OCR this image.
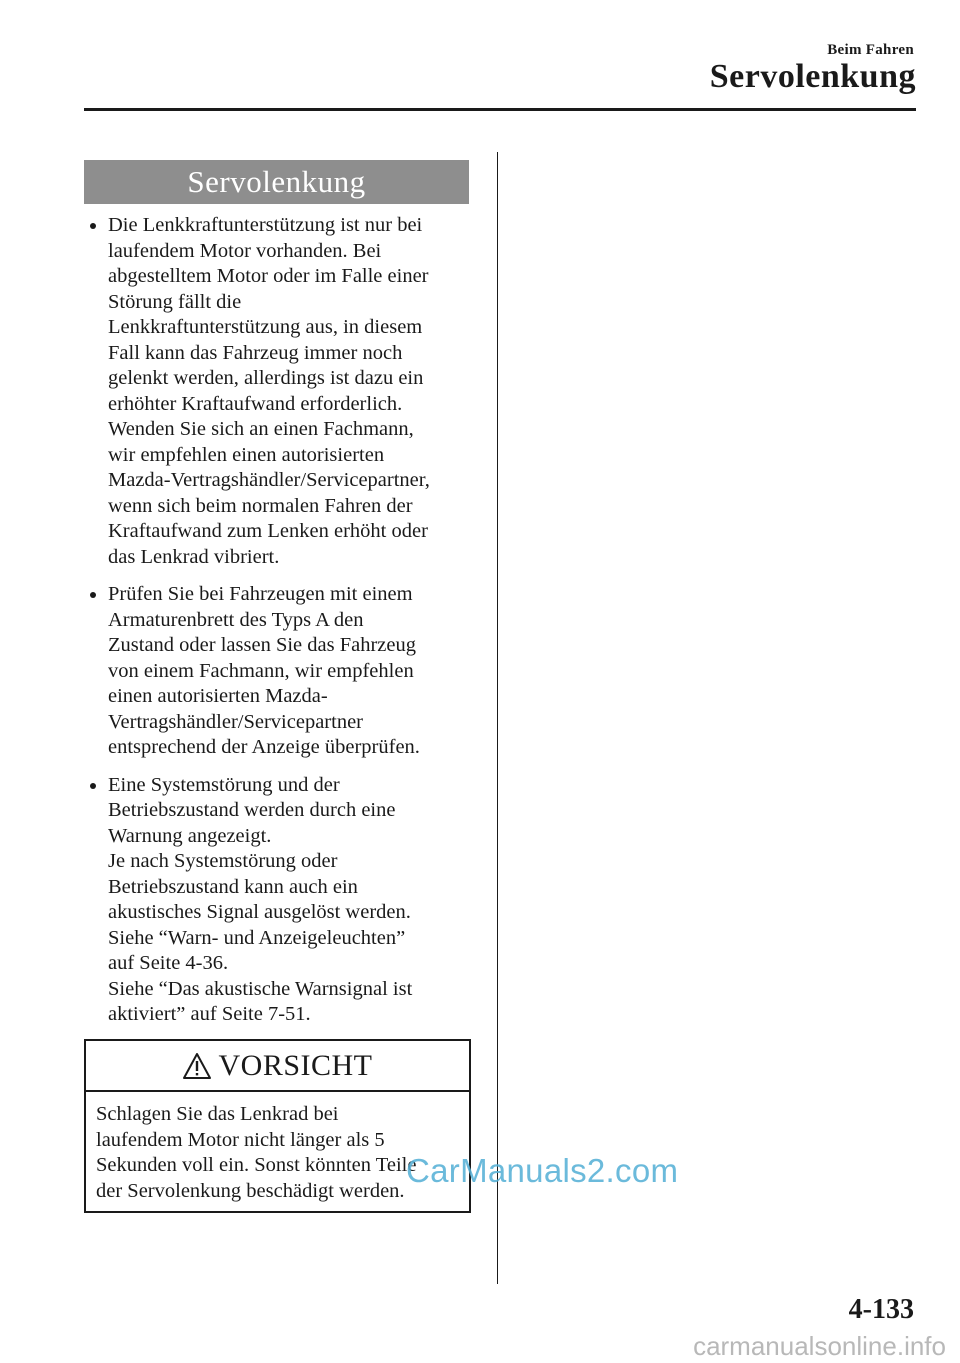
Beim Fahren
Servolenkung
Servolenkung
Die Lenkkraftunterstützung ist nur bei
laufendem Motor vorhanden. Bei
abgestelltem Motor oder im Falle einer
Störung fällt die
Lenkkraftunterstützung aus, in diesem
Fall kann das Fahrzeug immer noch
gelenkt werden, allerdings ist dazu ein
erhöhter Kraftaufwand erforderlich.
Wenden Sie sich an einen Fachmann,
wir empfehlen einen autorisierten
Mazda-Vertragshändler/Servicepartner,
wenn sich beim normalen Fahren der
Kraftaufwand zum Lenken erhöht oder
das Lenkrad vibriert.
Prüfen Sie bei Fahrzeugen mit einem
Armaturenbrett des Typs A den
Zustand oder lassen Sie das Fahrzeug
von einem Fachmann, wir empfehlen
einen autorisierten Mazda-
Vertragshändler/Servicepartner
entsprechend der Anzeige überprüfen.
Eine Systemstörung und der
Betriebszustand werden durch eine
Warnung angezeigt.
Je nach Systemstörung oder
Betriebszustand kann auch ein
akustisches Signal ausgelöst werden.
Siehe “Warn- und Anzeigeleuchten”
auf Seite 4-36.
Siehe “Das akustische Warnsignal ist
aktiviert” auf Seite 7-51.
VORSICHT
Schlagen Sie das Lenkrad bei
laufendem Motor nicht länger als 5
Sekunden voll ein. Sonst könnten Teile
der Servolenkung beschädigt werden.
CarManuals2.com
4-133
carmanualsonline.info
